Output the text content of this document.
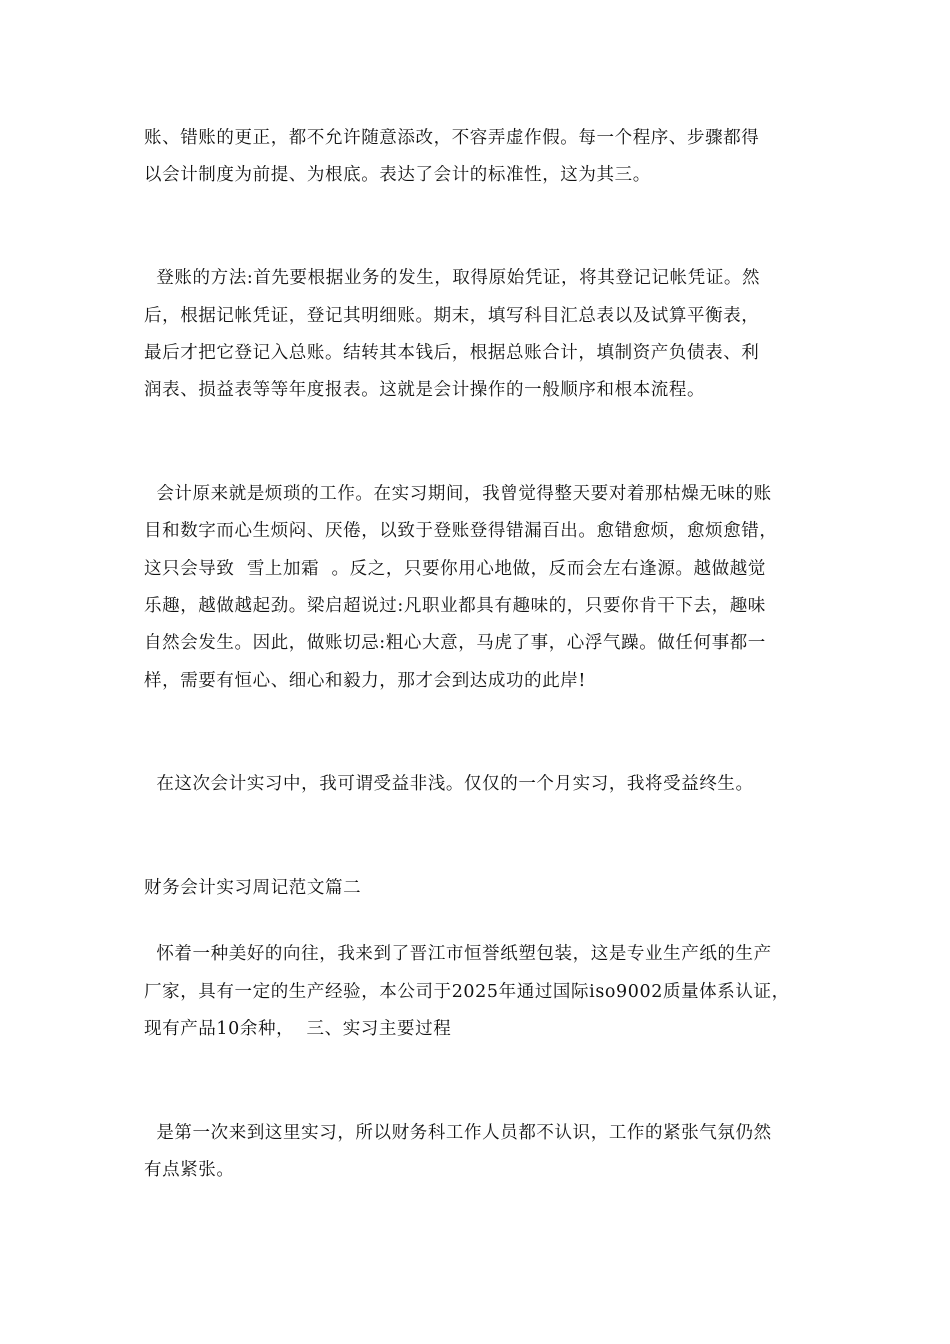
账、错账的更正，都不允许随意添改，不容弄虚作假。每一个程序、步骤都得
以会计制度为前提、为根底。表达了会计的标准性，这为其三。
登账的方法:首先要根据业务的发生，取得原始凭证，将其登记记帐凭证。然
后，根据记帐凭证，登记其明细账。期末，填写科目汇总表以及试算平衡表，
最后才把它登记入总账。结转其本钱后，根据总账合计，填制资产负债表、利
润表、损益表等等年度报表。这就是会计操作的一般顺序和根本流程。
会计原来就是烦琐的工作。在实习期间，我曾觉得整天要对着那枯燥无味的账
目和数字而心生烦闷、厌倦，以致于登账登得错漏百出。愈错愈烦，愈烦愈错，
这只会导致  雪上加霜  。反之，只要你用心地做，反而会左右逢源。越做越觉
乐趣，越做越起劲。梁启超说过:凡职业都具有趣味的，只要你肯干下去，趣味
自然会发生。因此，做账切忌:粗心大意，马虎了事，心浮气躁。做任何事都一
样，需要有恒心、细心和毅力，那才会到达成功的此岸!
在这次会计实习中，我可谓受益非浅。仅仅的一个月实习，我将受益终生。
财务会计实习周记范文篇二
怀着一种美好的向往，我来到了晋江市恒誉纸塑包装，这是专业生产纸的生产
厂家，具有一定的生产经验，本公司于2025年通过国际iso9002质量体系认证，
现有产品10余种，  三、实习主要过程
是第一次来到这里实习，所以财务科工作人员都不认识，工作的紧张气氛仍然
有点紧张。
